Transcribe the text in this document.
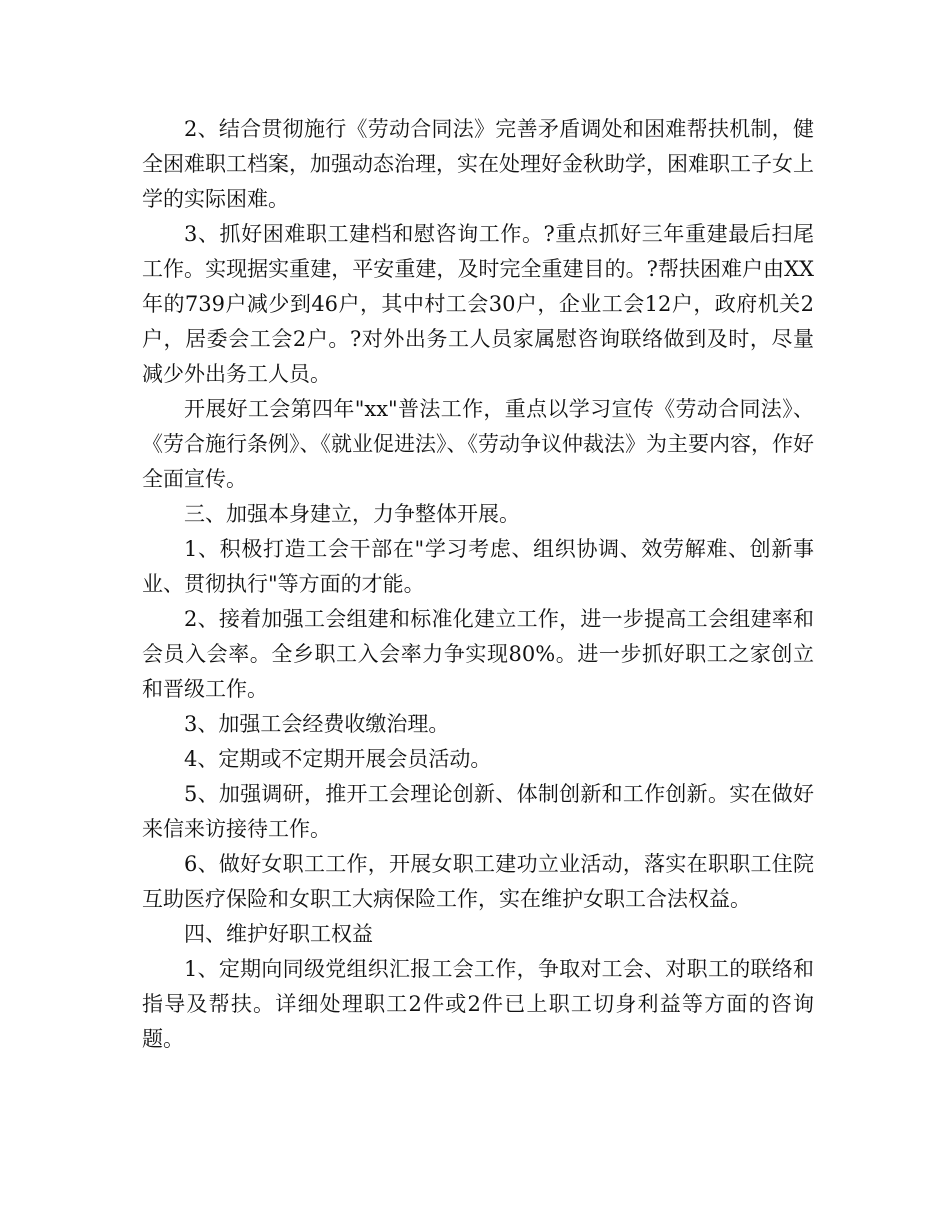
2、结合贯彻施行《劳动合同法》完善矛盾调处和困难帮扶机制，健全困难职工档案，加强动态治理，实在处理好金秋助学，困难职工子女上学的实际困难。

3、抓好困难职工建档和慰咨询工作。?重点抓好三年重建最后扫尾工作。实现据实重建，平安重建，及时完全重建目的。?帮扶困难户由XX年的739户减少到46户，其中村工会30户，企业工会12户，政府机关2户，居委会工会2户。?对外出务工人员家属慰咨询联络做到及时，尽量减少外出务工人员。

开展好工会第四年"xx"普法工作，重点以学习宣传《劳动合同法》、《劳合施行条例》、《就业促进法》、《劳动争议仲裁法》为主要内容，作好全面宣传。

三、加强本身建立，力争整体开展。

1、积极打造工会干部在"学习考虑、组织协调、效劳解难、创新事业、贯彻执行"等方面的才能。

2、接着加强工会组建和标准化建立工作，进一步提高工会组建率和会员入会率。全乡职工入会率力争实现80%。进一步抓好职工之家创立和晋级工作。

3、加强工会经费收缴治理。

4、定期或不定期开展会员活动。

5、加强调研，推开工会理论创新、体制创新和工作创新。实在做好来信来访接待工作。

6、做好女职工工作，开展女职工建功立业活动，落实在职职工住院互助医疗保险和女职工大病保险工作，实在维护女职工合法权益。

四、维护好职工权益

1、定期向同级党组织汇报工会工作，争取对工会、对职工的联络和指导及帮扶。详细处理职工2件或2件已上职工切身利益等方面的咨询题。
